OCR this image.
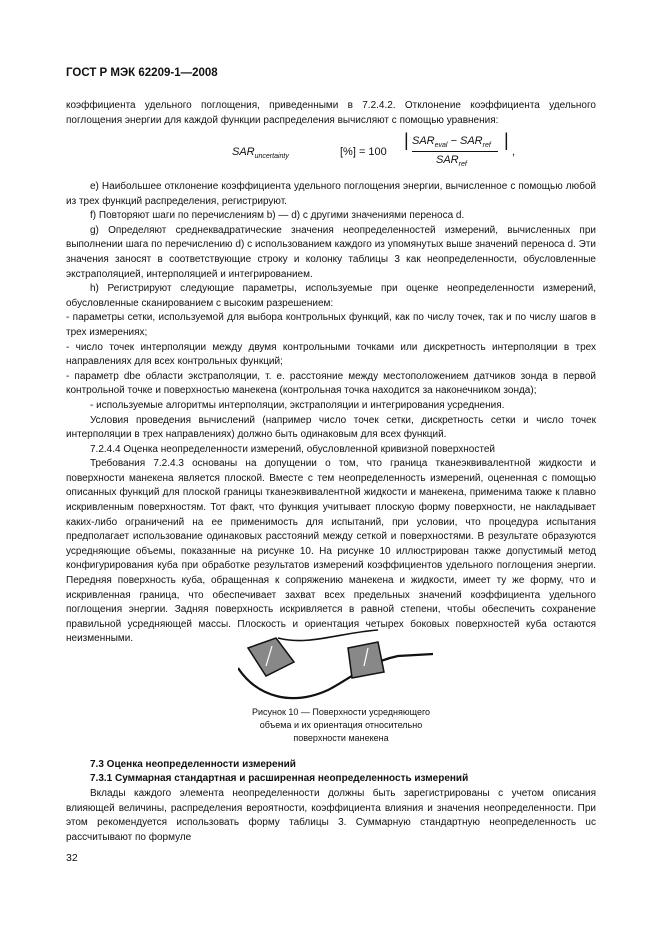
ГОСТ Р МЭК 62209-1—2008

коэффициента удельного поглощения, приведенными в 7.2.4.2. Отклонение коэффициента удельного поглощения энергии для каждой функции распределения вычисляют с помощью уравнения:

$SAR_{uncertainty}$	[%] = 100
| $SAR_{eval} - SAR_{ref}$
$SAR_{ref}$
|
,

e) Наибольшее отклонение коэффициента удельного поглощения энергии, вычисленное с помощью любой из трех функций распределения, регистрируют.

f) Повторяют шаги по перечислениям b) — d) с другими значениями переноса d.

g) Определяют среднеквадратические значения неопределенностей измерений, вычисленных при выполнении шага по перечислению d) с использованием каждого из упомянутых выше значений переноса d. Эти значения заносят в соответствующие строку и колонку таблицы 3 как неопределенности, обусловленные экстраполяцией, интерполяцией и интегрированием.

h) Регистрируют следующие параметры, используемые при оценке неопределенности измерений, обусловленные сканированием с высоким разрешением:

- параметры сетки, используемой для выбора контрольных функций, как по числу точек, так и по числу шагов в трех измерениях;

- число точек интерполяции между двумя контрольными точками или дискретность интерполяции в трех направлениях для всех контрольных функций;

- параметр dbe области экстраполяции, т. е. расстояние между местоположением датчиков зонда в первой контрольной точке и поверхностью манекена (контрольная точка находится за наконечником зонда);

- используемые алгоритмы интерполяции, экстраполяции и интегрирования усреднения.

Условия проведения вычислений (например число точек сетки, дискретность сетки и число точек интерполяции в трех направлениях) должно быть одинаковым для всех функций.

7.2.4.4 Оценка неопределенности измерений, обусловленной кривизной поверхностей

Требования 7.2.4.3 основаны на допущении о том, что граница тканеэквивалентной жидкости и поверхности манекена является плоской. Вместе с тем неопределенность измерений, оцененная с помощью описанных функций для плоской границы тканеэквивалентной жидкости и манекена, применима также к плавно искривленным поверхностям. Тот факт, что функция учитывает плоскую форму поверхности, не накладывает каких-либо ограничений на ее применимость для испытаний, при условии, что процедура испытания предполагает использование одинаковых расстояний между сеткой и поверхностями. В результате образуются усредняющие объемы, показанные на рисунке 10. На рисунке 10 иллюстрирован также допустимый метод конфигурирования куба при обработке результатов измерений коэффициентов удельного поглощения энергии. Передняя поверхность куба, обращенная к сопряжению манекена и жидкости, имеет ту же форму, что и искривленная граница, что обеспечивает захват всех предельных значений коэффициента удельного поглощения энергии. Задняя поверхность искривляется в равной степени, чтобы обеспечить сохранение правильной усредняющей массы. Плоскость и ориентация четырех боковых поверхностей куба остаются неизменными.

Рисунок 10 — Поверхности усредняющего объема и их ориентация относительно поверхности манекена
7.3 Оценка неопределенности измерений
7.3.1 Суммарная стандартная и расширенная неопределенность измерений

Вклады каждого элемента неопределенности должны быть зарегистрированы с учетом описания влияющей величины, распределения вероятности, коэффициента влияния и значения неопределенности. При этом рекомендуется использовать форму таблицы 3. Суммарную стандартную неопределенность uc рассчитывают по формуле

32
